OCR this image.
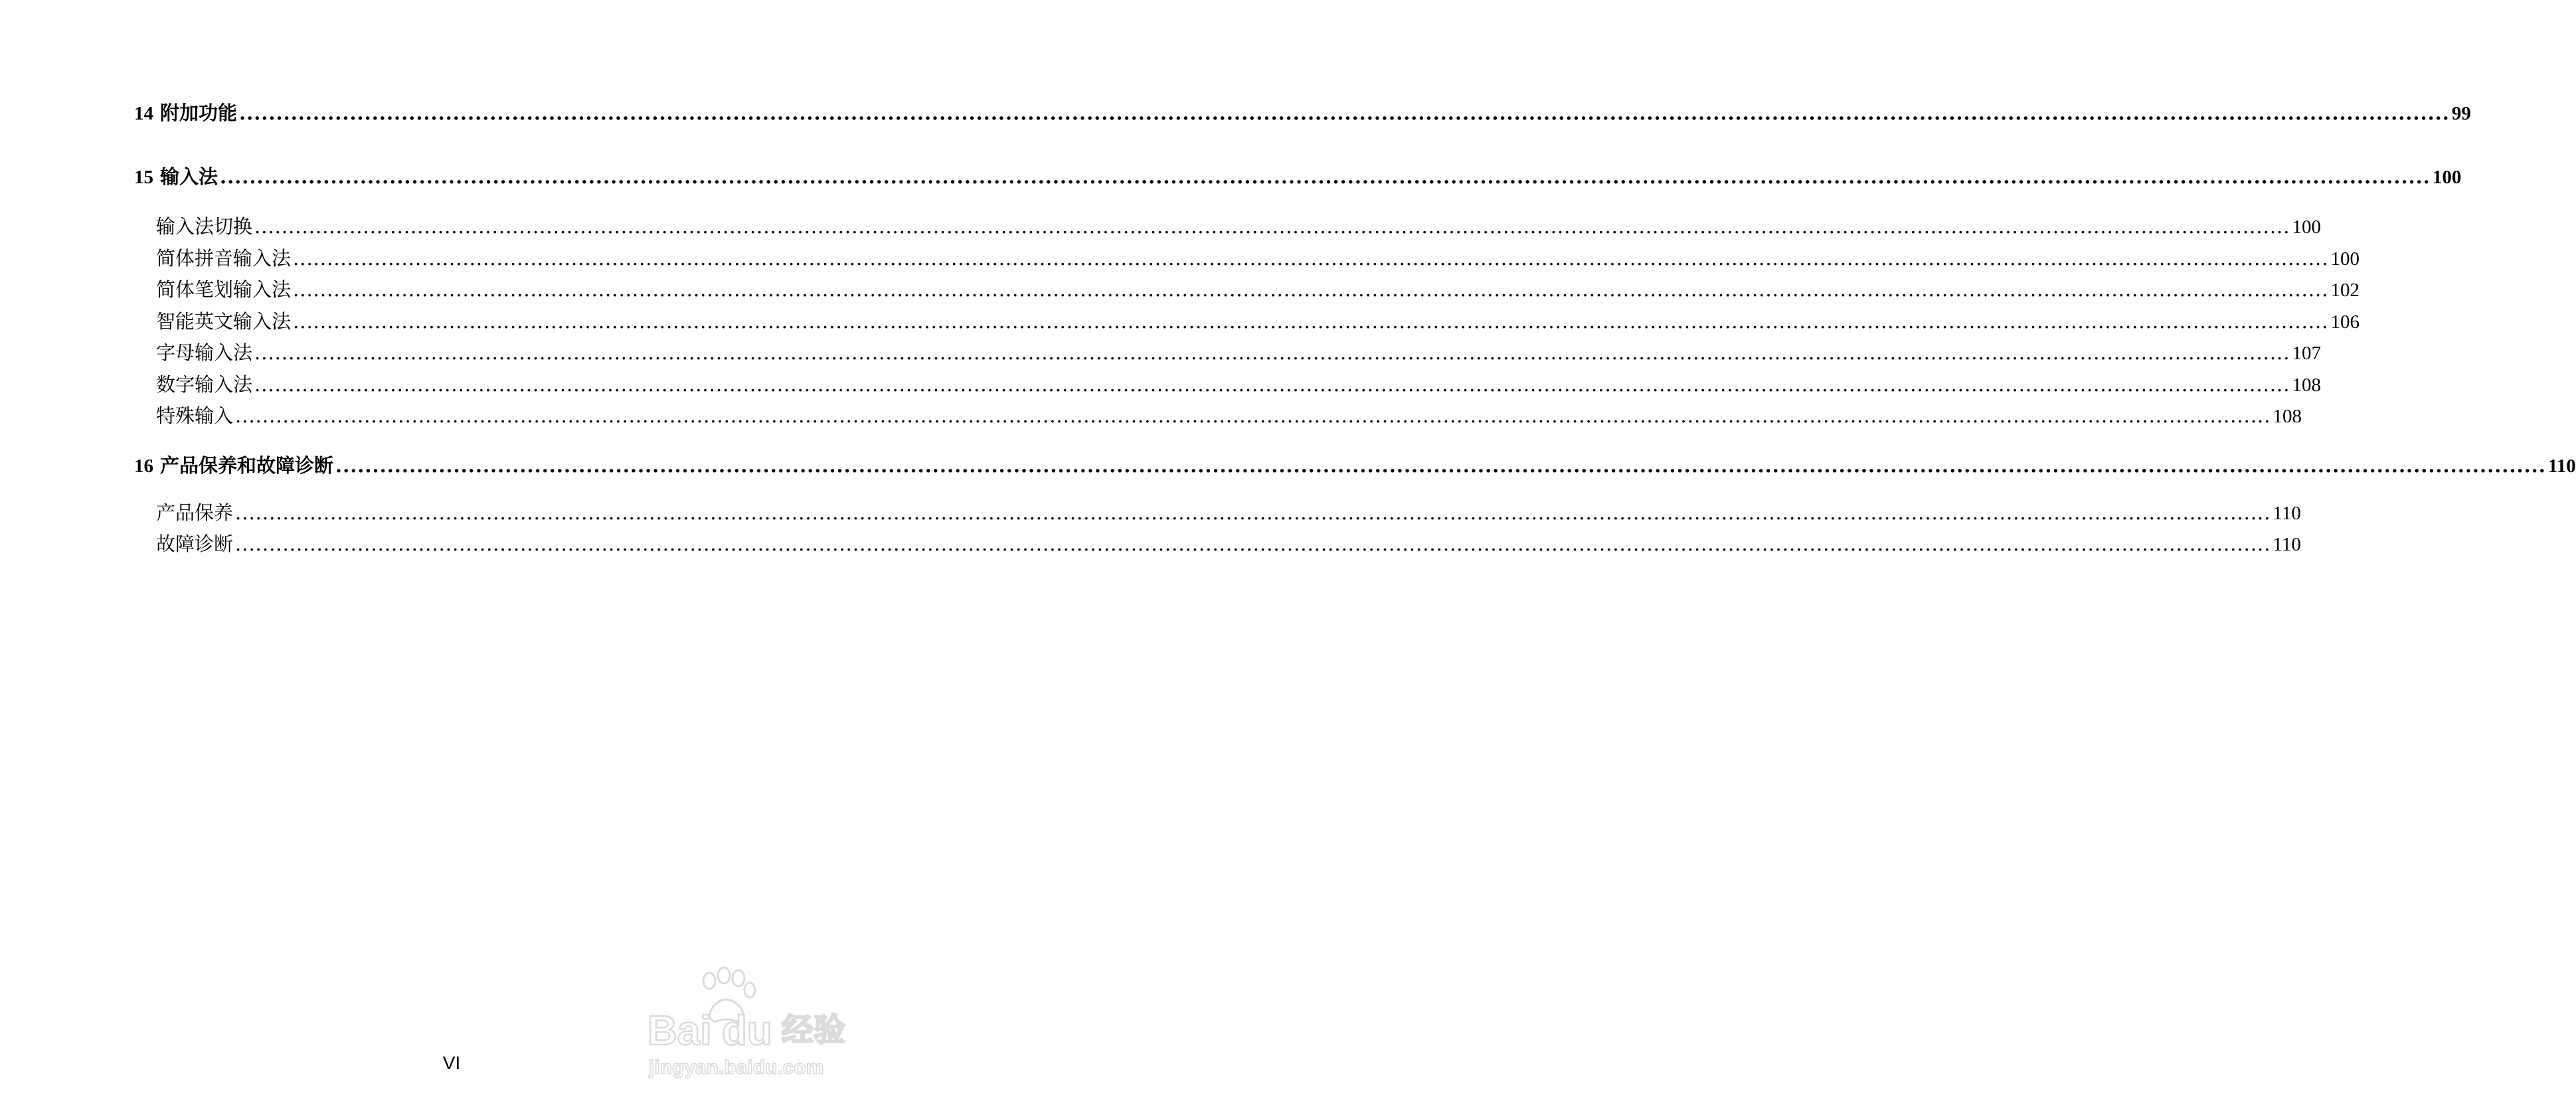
14 附加功能 ............................................................................................................................................................................................................................................................................................................ 99
15 输入法 ............................................................................................................................................................................................................................................................................................................ 100
输入法切换 ............................................................................................................................................................................................................................................................................................................ 100
简体拼音输入法 ............................................................................................................................................................................................................................................................................................................ 100
简体笔划输入法 ............................................................................................................................................................................................................................................................................................................ 102
智能英文输入法 ............................................................................................................................................................................................................................................................................................................ 106
字母输入法 ............................................................................................................................................................................................................................................................................................................ 107
数字输入法 ............................................................................................................................................................................................................................................................................................................ 108
特殊输入 ............................................................................................................................................................................................................................................................................................................ 108
16 产品保养和故障诊断 ............................................................................................................................................................................................................................................................................................................ 110
产品保养 ............................................................................................................................................................................................................................................................................................................ 110
故障诊断 ............................................................................................................................................................................................................................................................................................................ 110
VI
Bai du 经验
jingyan.baidu.com
